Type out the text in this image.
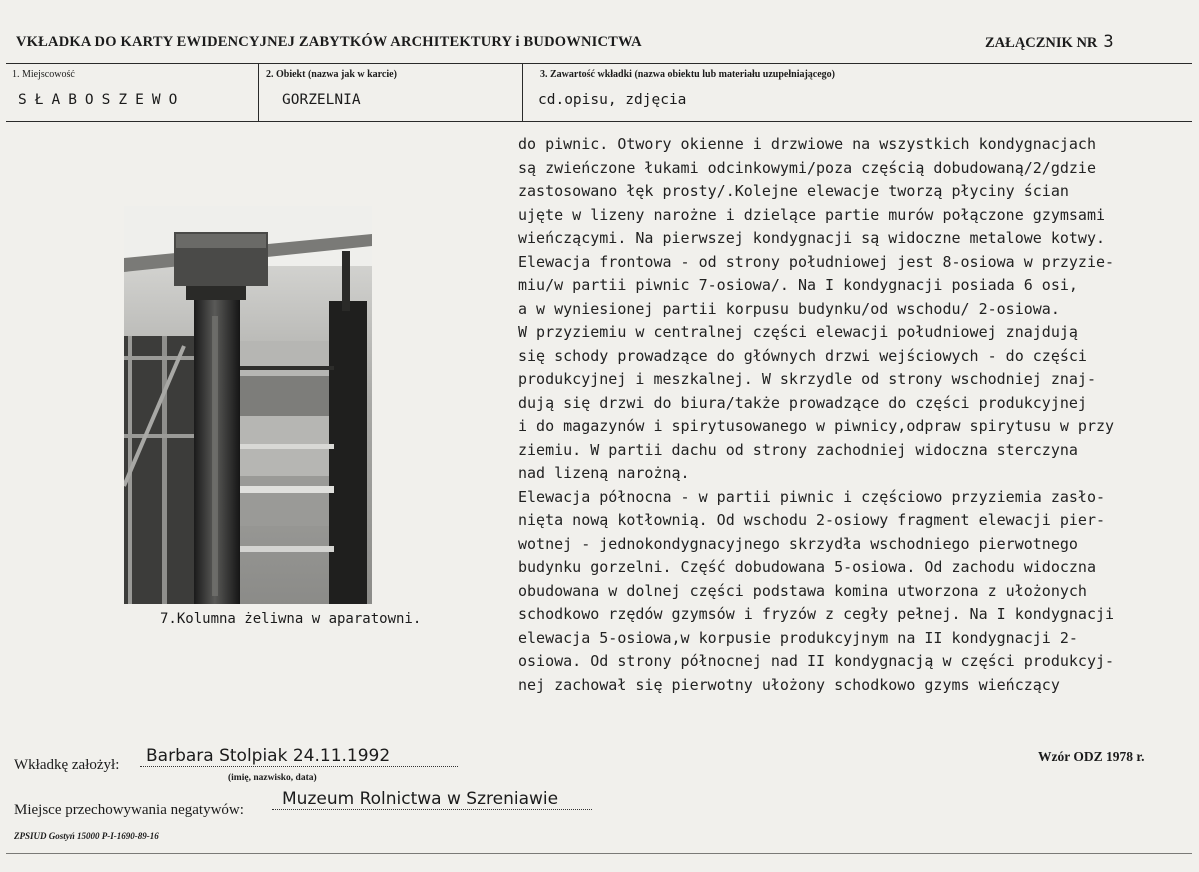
VKŁADKA DO KARTY EWIDENCYJNEJ ZABYTKÓW ARCHITEKTURY i BUDOWNICTWA	ZAŁĄCZNIK NR 3
1. Miejscowość
SŁABOSZEWO
2. Obiekt (nazwa jak w karcie)
GORZELNIA
3. Zawartość wkładki (nazwa obiektu lub materiału uzupełniającego)
cd.opisu, zdjęcia
7.Kolumna żeliwna w aparatowni.
do piwnic. Otwory okienne i drzwiowe na wszystkich kondygnacjach
są zwieńczone łukami odcinkowymi/poza częścią dobudowaną/2/gdzie
zastosowano łęk prosty/.Kolejne elewacje tworzą płyciny ścian
ujęte w lizeny narożne i dzielące partie murów połączone gzymsami
wieńczącymi. Na pierwszej kondygnacji są widoczne metalowe kotwy.
Elewacja frontowa - od strony południowej jest 8-osiowa w przyzie-
miu/w partii piwnic 7-osiowa/. Na I kondygnacji posiada 6 osi,
a w wyniesionej partii korpusu budynku/od wschodu/ 2-osiowa.
W przyziemiu w centralnej części elewacji południowej znajdują
się schody prowadzące do głównych drzwi wejściowych - do części
produkcyjnej i meszkalnej. W skrzydle od strony wschodniej znaj-
dują się drzwi do biura/także prowadzące do części produkcyjnej
i do magazynów i spirytusowanego w piwnicy,odpraw spirytusu w przy
ziemiu. W partii dachu od strony zachodniej widoczna sterczyna
nad lizeną narożną.
Elewacja północna - w partii piwnic i częściowo przyziemia zasło-
nięta nową kotłownią. Od wschodu 2-osiowy fragment elewacji pier-
wotnej - jednokondygnacyjnego skrzydła wschodniego pierwotnego
budynku gorzelni. Część dobudowana 5-osiowa. Od zachodu widoczna
obudowana w dolnej części podstawa komina utworzona z ułożonych
schodkowo rzędów gzymsów i fryzów z cegły pełnej. Na I kondygnacji
elewacja 5-osiowa,w korpusie produkcyjnym na II kondygnacji 2-
osiowa. Od strony północnej nad II kondygnacją w części produkcyj-
nej zachował się pierwotny ułożony schodkowo gzyms wieńczący
Wkładkę założył:	Barbara Stolpiak 24.11.1992
(imię, nazwisko, data)
Miejsce przechowywania negatywów:
Muzeum Rolnictwa w Szreniawie
Wzór ODZ 1978 r.
ZPSIUD Gostyń 15000 P-I-1690-89-16
